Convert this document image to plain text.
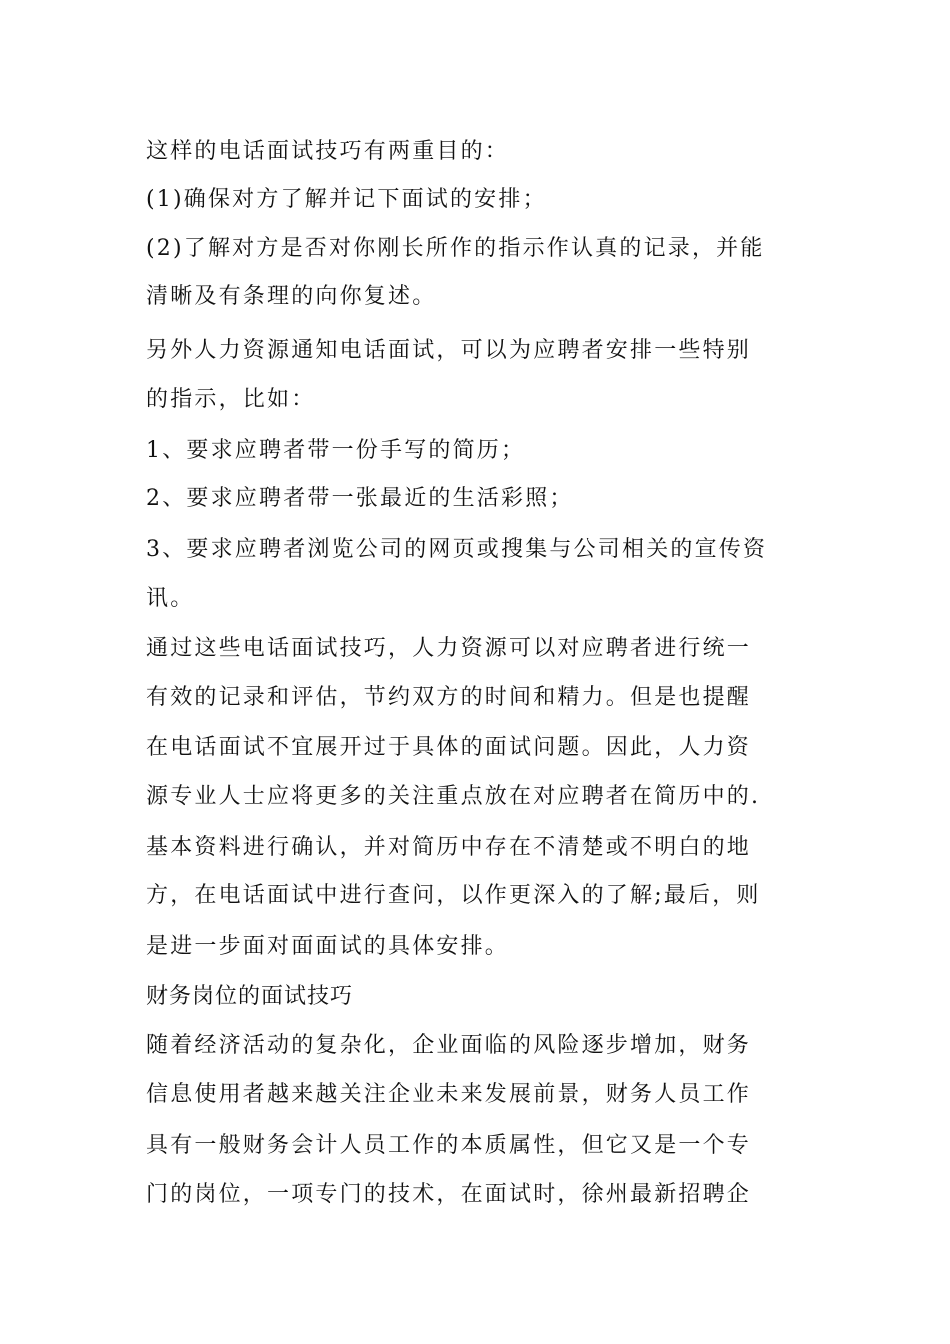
这样的电话面试技巧有两重目的：
(1)确保对方了解并记下面试的安排；
(2)了解对方是否对你刚长所作的指示作认真的记录，并能
清晰及有条理的向你复述。
另外人力资源通知电话面试，可以为应聘者安排一些特别
的指示，比如：
1、要求应聘者带一份手写的简历；
2、要求应聘者带一张最近的生活彩照；
3、要求应聘者浏览公司的网页或搜集与公司相关的宣传资
讯。
通过这些电话面试技巧，人力资源可以对应聘者进行统一
有效的记录和评估，节约双方的时间和精力。但是也提醒
在电话面试不宜展开过于具体的面试问题。因此，人力资
源专业人士应将更多的关注重点放在对应聘者在简历中的.
基本资料进行确认，并对简历中存在不清楚或不明白的地
方，在电话面试中进行查问，以作更深入的了解;最后，则
是进一步面对面面试的具体安排。
财务岗位的面试技巧
随着经济活动的复杂化，企业面临的风险逐步增加，财务
信息使用者越来越关注企业未来发展前景，财务人员工作
具有一般财务会计人员工作的本质属性，但它又是一个专
门的岗位，一项专门的技术，在面试时，徐州最新招聘企
